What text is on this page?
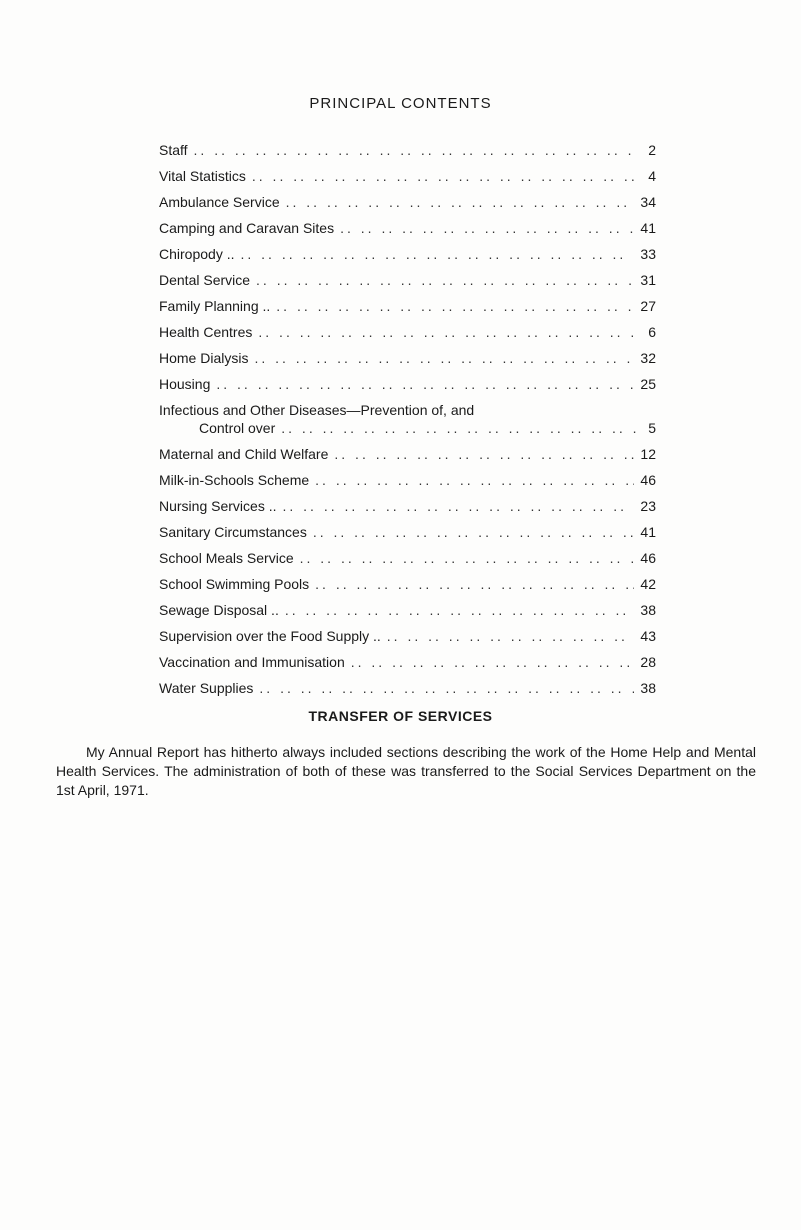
PRINCIPAL CONTENTS
Staff .. ..	2
Vital Statistics .. ..	4
Ambulance Service .. ..	34
Camping and Caravan Sites .. ..	41
Chiropody .. .. ..	33
Dental Service .. ..	31
Family Planning .. .. ..	27
Health Centres .. ..	6
Home Dialysis .. ..	32
Housing .. ..	25
Infectious and Other Diseases—Prevention of, and
Control over .. ..	5
Maternal and Child Welfare .. ..	12
Milk-in-Schools Scheme .. ..	46
Nursing Services .. .. ..	23
Sanitary Circumstances .. ..	41
School Meals Service .. ..	46
School Swimming Pools .. ..	42
Sewage Disposal .. .. ..	38
Supervision over the Food Supply .. .. ..	43
Vaccination and Immunisation .. ..	28
Water Supplies .. ..	38
TRANSFER OF SERVICES

My Annual Report has hitherto always included sections describing the work of the Home Help and Mental Health Services. The administration of both of these was transferred to the Social Services Department on the 1st April, 1971.
